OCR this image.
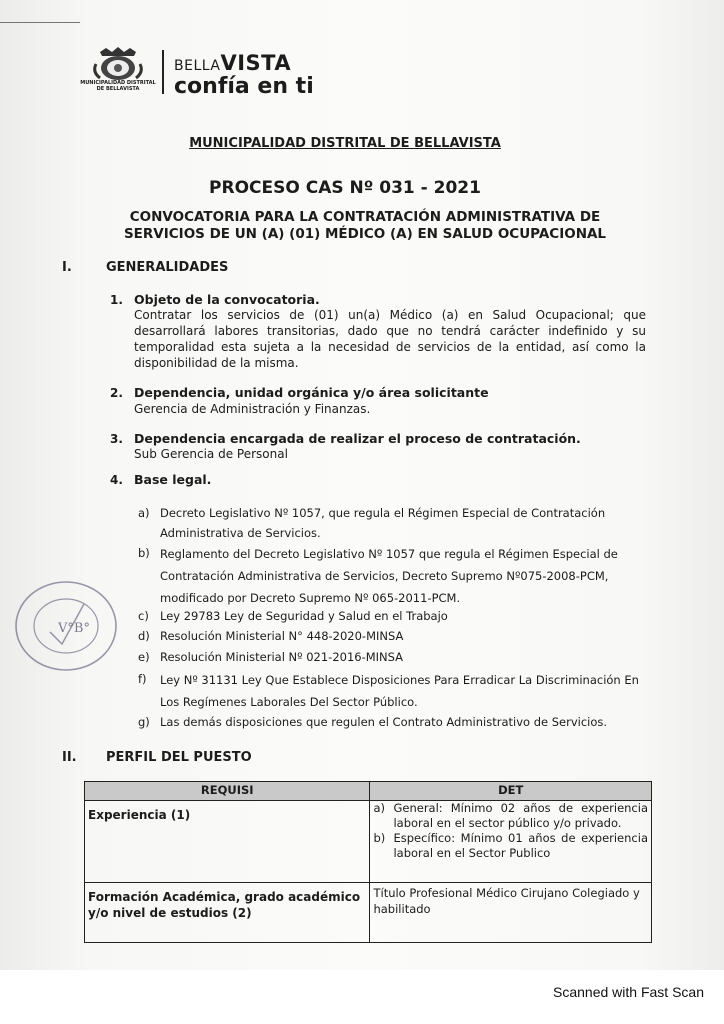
MUNICIPALIDAD DISTRITAL DE BELLAVISTA
BELLAVISTA
confía en ti
MUNICIPALIDAD DISTRITAL DE BELLAVISTA
PROCESO CAS Nº 031 - 2021
CONVOCATORIA PARA LA CONTRATACIÓN ADMINISTRATIVA DE
SERVICIOS DE UN (A) (01) MÉDICO (A) EN SALUD OCUPACIONAL
I.	GENERALIDADES
1. Objeto de la convocatoria.
Contratar los servicios de (01) un(a) Médico (a) en Salud Ocupacional; que desarrollará labores transitorias, dado que no tendrá carácter indefinido y su temporalidad esta sujeta a la necesidad de servicios de la entidad, así como la disponibilidad de la misma.
2. Dependencia, unidad orgánica y/o área solicitante
Gerencia de Administración y Finanzas.
3. Dependencia encargada de realizar el proceso de contratación.
Sub Gerencia de Personal
4. Base legal.
a) Decreto Legislativo Nº 1057, que regula el Régimen Especial de Contratación Administrativa de Servicios.
b) Reglamento del Decreto Legislativo Nº 1057 que regula el Régimen Especial de Contratación Administrativa de Servicios, Decreto Supremo Nº075-2008-PCM, modificado por Decreto Supremo Nº 065-2011-PCM.
c) Ley 29783 Ley de Seguridad y Salud en el Trabajo
d) Resolución Ministerial N° 448-2020-MINSA
e) Resolución Ministerial Nº 021-2016-MINSA
f) Ley Nº 31131 Ley Que Establece Disposiciones Para Erradicar La Discriminación En Los Regímenes Laborales Del Sector Público.
g) Las demás disposiciones que regulen el Contrato Administrativo de Servicios.
V°B°
II. PERFIL DEL PUESTO
REQUISI	DET
Experiencia (1)	a) General: Mínimo 02 años de experiencia laboral en el sector público y/o privado.
b) Específico: Mínimo 01 años de experiencia laboral en el Sector Publico

Formación Académica, grado académico y/o nivel de estudios (2)	Título Profesional Médico Cirujano Colegiado y habilitado
Scanned with Fast Scan
